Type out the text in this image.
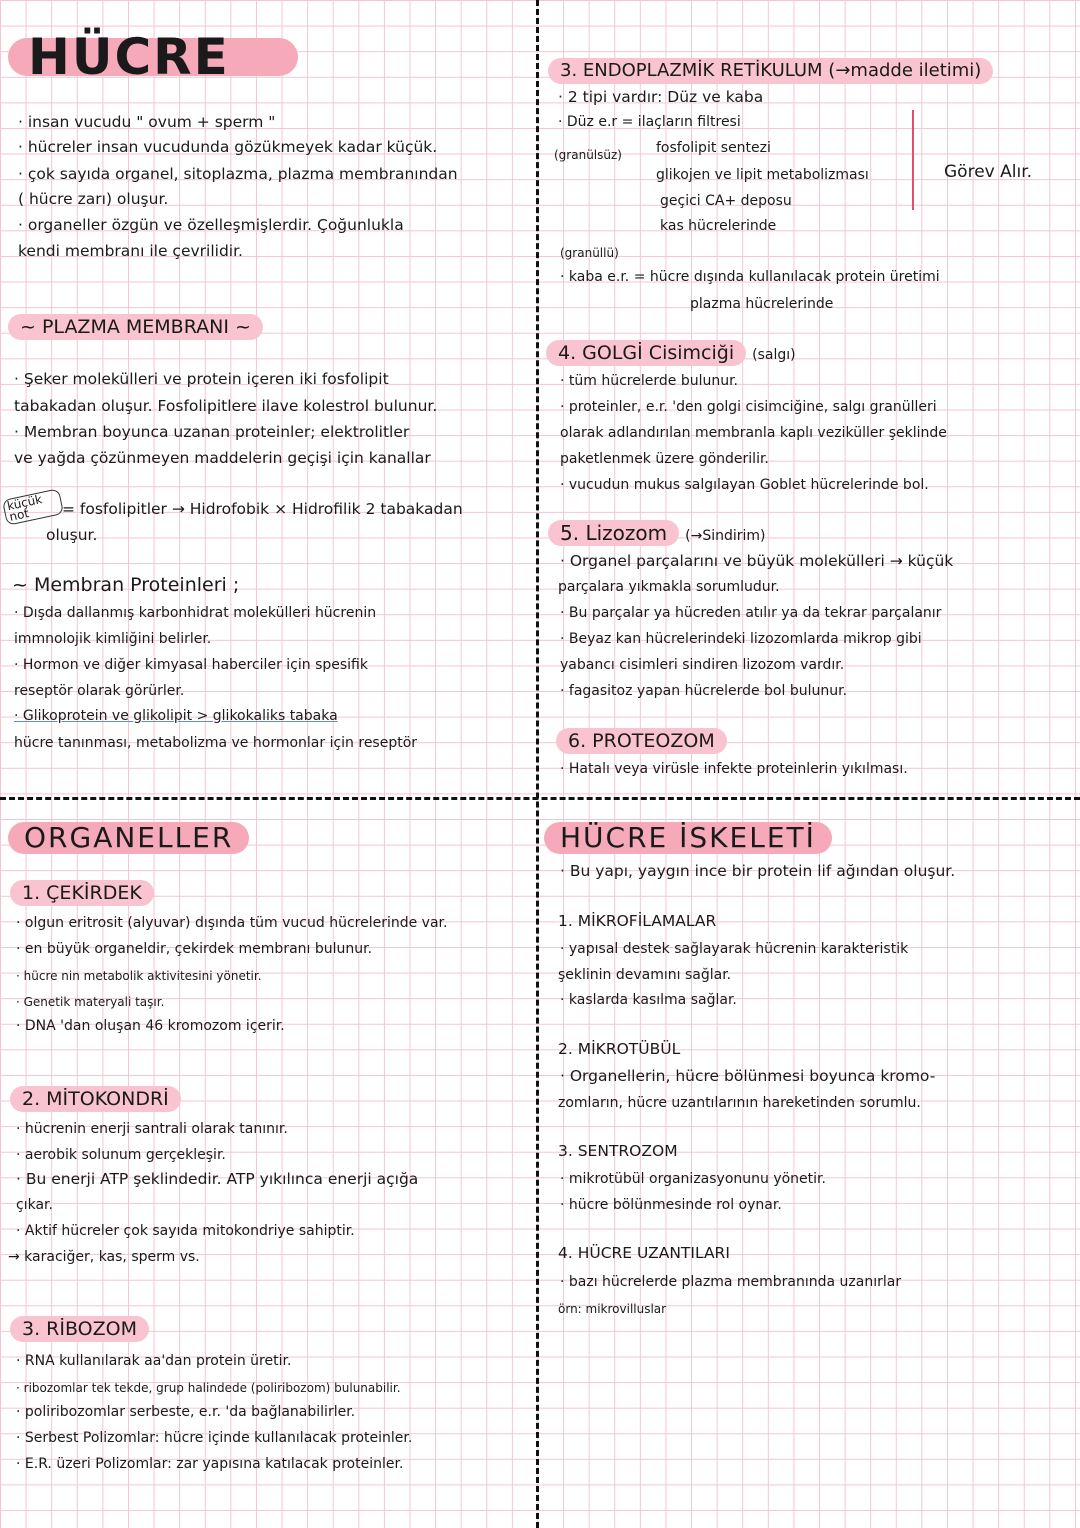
HÜCRE
· insan vucudu " ovum + sperm "
· hücreler insan vucudunda gözükmeyek kadar küçük.
· çok sayıda organel, sitoplazma, plazma membranından
( hücre zarı) oluşur.
· organeller özgün ve özelleşmişlerdir. Çoğunlukla
kendi membranı ile çevrilidir.
~ PLAZMA MEMBRANI ~
· Şeker molekülleri ve protein içeren iki fosfolipit
tabakadan oluşur. Fosfolipitlere ilave kolestrol bulunur.
· Membran boyunca uzanan proteinler; elektrolitler
ve yağda çözünmeyen maddelerin geçişi için kanallar
küçük not	= fosfolipitler → Hidrofobik × Hidrofilik 2 tabakadan
oluşur.
~ Membran Proteinleri ;
· Dışda dallanmış karbonhidrat molekülleri hücrenin
immnolojik kimliğini belirler.
· Hormon ve diğer kimyasal haberciler için spesifik
reseptör olarak görürler.
· Glikoprotein ve glikolipit > glikokaliks tabaka
hücre tanınması, metabolizma ve hormonlar için reseptör
3. ENDOPLAZMİK RETİKULUM (→madde iletimi)
· 2 tipi vardır: Düz ve kaba
· Düz e.r = ilaçların filtresi
(granülsüz) fosfolipit sentezi
glikojen ve lipit metabolizması
geçici CA+ deposu
kas hücrelerinde
Görev Alır.
(granüllü)
· kaba e.r. = hücre dışında kullanılacak protein üretimi
plazma hücrelerinde
4. GOLGİ Cisimciği (salgı)
· tüm hücrelerde bulunur.
· proteinler, e.r. 'den golgi cisimciğine, salgı granülleri
olarak adlandırılan membranla kaplı veziküller şeklinde
paketlenmek üzere gönderilir.
· vucudun mukus salgılayan Goblet hücrelerinde bol.
5. Lizozom (→Sindirim)
· Organel parçalarını ve büyük molekülleri → küçük
parçalara yıkmakla sorumludur.
· Bu parçalar ya hücreden atılır ya da tekrar parçalanır
· Beyaz kan hücrelerindeki lizozomlarda mikrop gibi
yabancı cisimleri sindiren lizozom vardır.
· fagasitoz yapan hücrelerde bol bulunur.
6. PROTEOZOM
· Hatalı veya virüsle infekte proteinlerin yıkılması.
ORGANELLER
1. ÇEKİRDEK
· olgun eritrosit (alyuvar) dışında tüm vucud hücrelerinde var.
· en büyük organeldir, çekirdek membranı bulunur.
· hücre nin metabolik aktivitesini yönetir.
· Genetik materyali taşır.
· DNA 'dan oluşan 46 kromozom içerir.
2. MİTOKONDRİ
· hücrenin enerji santrali olarak tanınır.
· aerobik solunum gerçekleşir.
· Bu enerji ATP şeklindedir. ATP yıkılınca enerji açığa
çıkar.
· Aktif hücreler çok sayıda mitokondriye sahiptir.
→ karaciğer, kas, sperm vs.
3. RİBOZOM
· RNA kullanılarak aa'dan protein üretir.
· ribozomlar tek tekde, grup halindede (poliribozom) bulunabilir.
· poliribozomlar serbeste, e.r. 'da bağlanabilirler.
· Serbest Polizomlar: hücre içinde kullanılacak proteinler.
· E.R. üzeri Polizomlar: zar yapısına katılacak proteinler.
HÜCRE İSKELETİ
· Bu yapı, yaygın ince bir protein lif ağından oluşur.
1. MİKROFİLAMALAR
· yapısal destek sağlayarak hücrenin karakteristik
şeklinin devamını sağlar.
· kaslarda kasılma sağlar.
2. MİKROTÜBÜL
· Organellerin, hücre bölünmesi boyunca kromo-
zomların, hücre uzantılarının hareketinden sorumlu.
3. SENTROZOM
· mikrotübül organizasyonunu yönetir.
· hücre bölünmesinde rol oynar.
4. HÜCRE UZANTILARI
· bazı hücrelerde plazma membranında uzanırlar
örn: mikrovilluslar
